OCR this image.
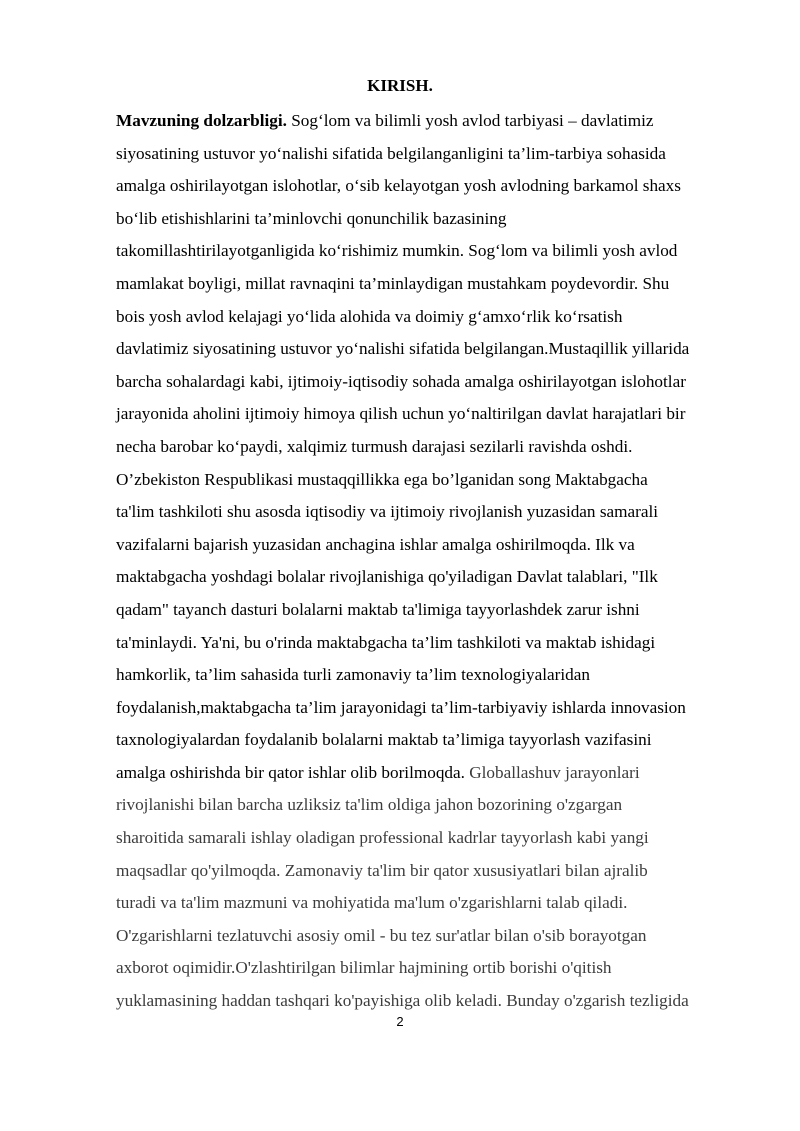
KIRISH.
Mavzuning dolzarbligi. Sog‘lom va bilimli yosh avlod tarbiyasi – davlatimiz
siyosatining ustuvor yo‘nalishi sifatida belgilanganligini ta’lim-tarbiya sohasida
amalga oshirilayotgan islohotlar, o‘sib kelayotgan yosh avlodning barkamol shaxs
bo‘lib etishishlarini ta’minlovchi qonunchilik bazasining
takomillashtirilayotganligida ko‘rishimiz mumkin. Sog‘lom va bilimli yosh avlod
mamlakat boyligi, millat ravnaqini ta’minlaydigan mustahkam poydevordir. Shu
bois yosh avlod kelajagi yo‘lida alohida va doimiy g‘amxo‘rlik ko‘rsatish
davlatimiz siyosatining ustuvor yo‘nalishi sifatida belgilangan.Mustaqillik yillarida
barcha sohalardagi kabi, ijtimoiy-iqtisodiy sohada amalga oshirilayotgan islohotlar
jarayonida aholini ijtimoiy himoya qilish uchun yo‘naltirilgan davlat harajatlari bir
necha barobar ko‘paydi, xalqimiz turmush darajasi sezilarli ravishda oshdi.
O’zbekiston Respublikasi mustaqqillikka ega bo’lganidan song Maktabgacha
ta'lim tashkiloti shu asosda iqtisodiy va ijtimoiy rivojlanish yuzasidan samarali
vazifalarni bajarish yuzasidan anchagina ishlar amalga oshirilmoqda. Ilk va
maktabgacha yoshdagi bolalar rivojlanishiga qo'yiladigan Davlat talablari, "Ilk
qadam" tayanch dasturi bolalarni maktab ta'limiga tayyorlashdek zarur ishni
ta'minlaydi. Ya'ni, bu o'rinda maktabgacha ta’lim tashkiloti va maktab ishidagi
hamkorlik, ta’lim sahasida turli zamonaviy ta’lim texnologiyalaridan
foydalanish,maktabgacha ta’lim jarayonidagi ta’lim-tarbiyaviy ishlarda innovasion
taxnologiyalardan foydalanib bolalarni maktab ta’limiga tayyorlash vazifasini
amalga oshirishda bir qator ishlar olib borilmoqda. Globallashuv jarayonlari
rivojlanishi bilan barcha uzliksiz ta'lim oldiga jahon bozorining o'zgargan
sharoitida samarali ishlay oladigan professional kadrlar tayyorlash kabi yangi
maqsadlar qo'yilmoqda. Zamonaviy ta'lim bir qator xususiyatlari bilan ajralib
turadi va ta'lim mazmuni va mohiyatida ma'lum o'zgarishlarni talab qiladi.
O'zgarishlarni tezlatuvchi asosiy omil - bu tez sur'atlar bilan o'sib borayotgan
axborot oqimidir.O'zlashtirilgan bilimlar hajmining ortib borishi o'qitish
yuklamasining haddan tashqari ko'payishiga olib keladi. Bunday o'zgarish tezligida
2
